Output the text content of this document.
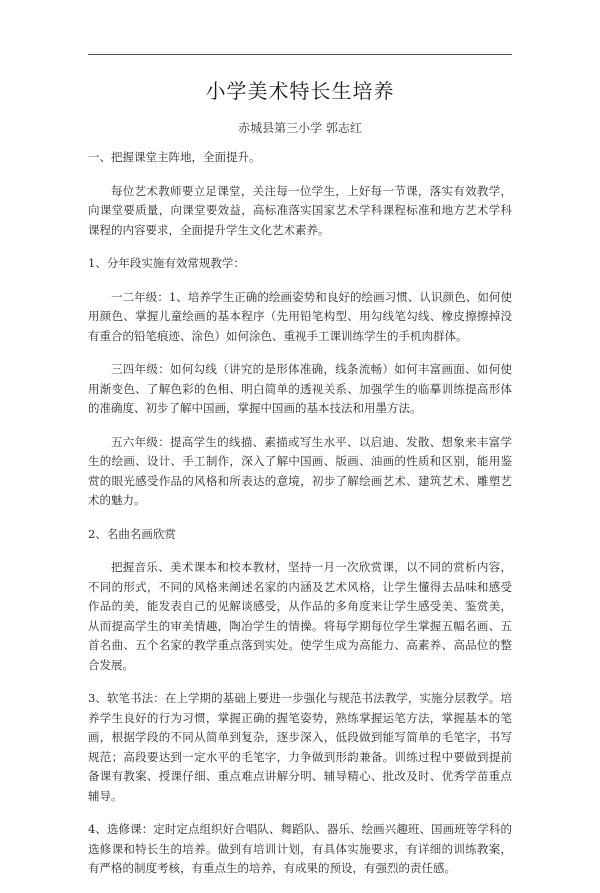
小学美术特长生培养
赤城县第三小学 郭志红

一、把握课堂主阵地，全面提升。

每位艺术教师要立足课堂，关注每一位学生，上好每一节课，落实有效教学，向课堂要质量，向课堂要效益，高标准落实国家艺术学科课程标准和地方艺术学科课程的内容要求，全面提升学生文化艺术素养。

1、分年段实施有效常规教学：

一二年级：1、培养学生正确的绘画姿势和良好的绘画习惯、认识颜色、如何使用颜色、掌握儿童绘画的基本程序（先用铅笔构型、用勾线笔勾线、橡皮擦擦掉没有重合的铅笔痕迹、涂色）如何涂色、重视手工课训练学生的手机肉群体。

三四年级：如何勾线（讲究的是形体准确，线条流畅）如何丰富画面、如何使用渐变色、了解色彩的色相、明白简单的透视关系、加强学生的临摹训练提高形体的准确度、初步了解中国画，掌握中国画的基本技法和用墨方法。

五六年级：提高学生的线描、素描或写生水平、以启迪、发散、想象来丰富学生的绘画、设计、手工制作，深入了解中国画、版画、油画的性质和区别，能用鉴赏的眼光感受作品的风格和所表达的意境，初步了解绘画艺术、建筑艺术、雕塑艺术的魅力。

2、名曲名画欣赏

把握音乐、美术课本和校本教材，坚持一月一次欣赏课，以不同的赏析内容，不同的形式，不同的风格来阐述名家的内涵及艺术风格，让学生懂得去品味和感受作品的美，能发表自己的见解谈感受，从作品的多角度来让学生感受美、鉴赏美，从而提高学生的审美情趣，陶冶学生的情操。将每学期每位学生掌握五幅名画、五首名曲、五个名家的教学重点落到实处。使学生成为高能力、高素养、高品位的整合发展。

3、软笔书法：在上学期的基础上要进一步强化与规范书法教学，实施分层教学。培养学生良好的行为习惯，掌握正确的握笔姿势，熟练掌握运笔方法，掌握基本的笔画，根据学段的不同从简单到复杂，逐步深入，低段做到能写简单的毛笔字，书写规范；高段要达到一定水平的毛笔字，力争做到形韵兼备。训练过程中要做到提前备课有教案、授课仔细、重点难点讲解分明、辅导精心、批改及时、优秀学苗重点辅导。

4、选修课：定时定点组织好合唱队、舞蹈队、器乐、绘画兴趣班、国画班等学科的选修课和特长生的培养。做到有培训计划，有具体实施要求，有详细的训练教案，有严格的制度考核，有重点生的培养，有成果的预设，有强烈的责任感。
